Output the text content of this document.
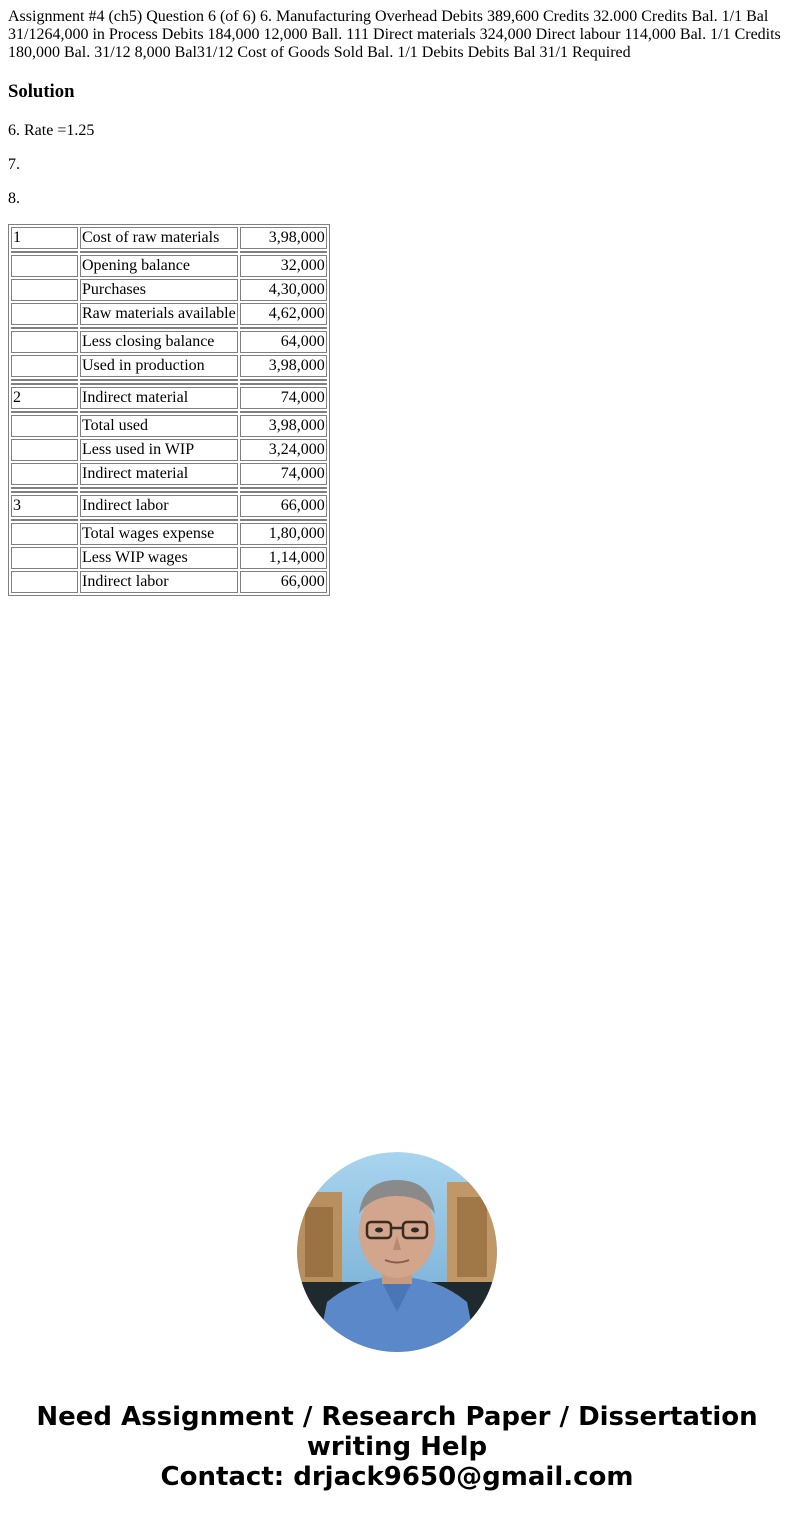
Assignment #4 (ch5) Question 6 (of 6) 6. Manufacturing Overhead Debits 389,600 Credits 32.000 Credits Bal. 1/1 Bal 31/1264,000 in Process Debits 184,000 12,000 Ball. 111 Direct materials 324,000 Direct labour 114,000 Bal. 1/1 Credits 180,000 Bal. 31/12 8,000 Bal31/12 Cost of Goods Sold Bal. 1/1 Debits Debits Bal 31/1 Required

Solution

6. Rate =1.25

7.

8.

1	Cost of raw materials	3,98,000

	Opening balance	32,000
	Purchases	4,30,000
	Raw materials available	4,62,000

	Less closing balance	64,000
	Used in production	3,98,000

2	Indirect material	74,000

	Total used	3,98,000
	Less used in WIP	3,24,000
	Indirect material	74,000

3	Indirect labor	66,000

	Total wages expense	1,80,000
	Less WIP wages	1,14,000
	Indirect labor	66,000
Need Assignment / Research Paper / Dissertation
writing Help
Contact: drjack9650@gmail.com
